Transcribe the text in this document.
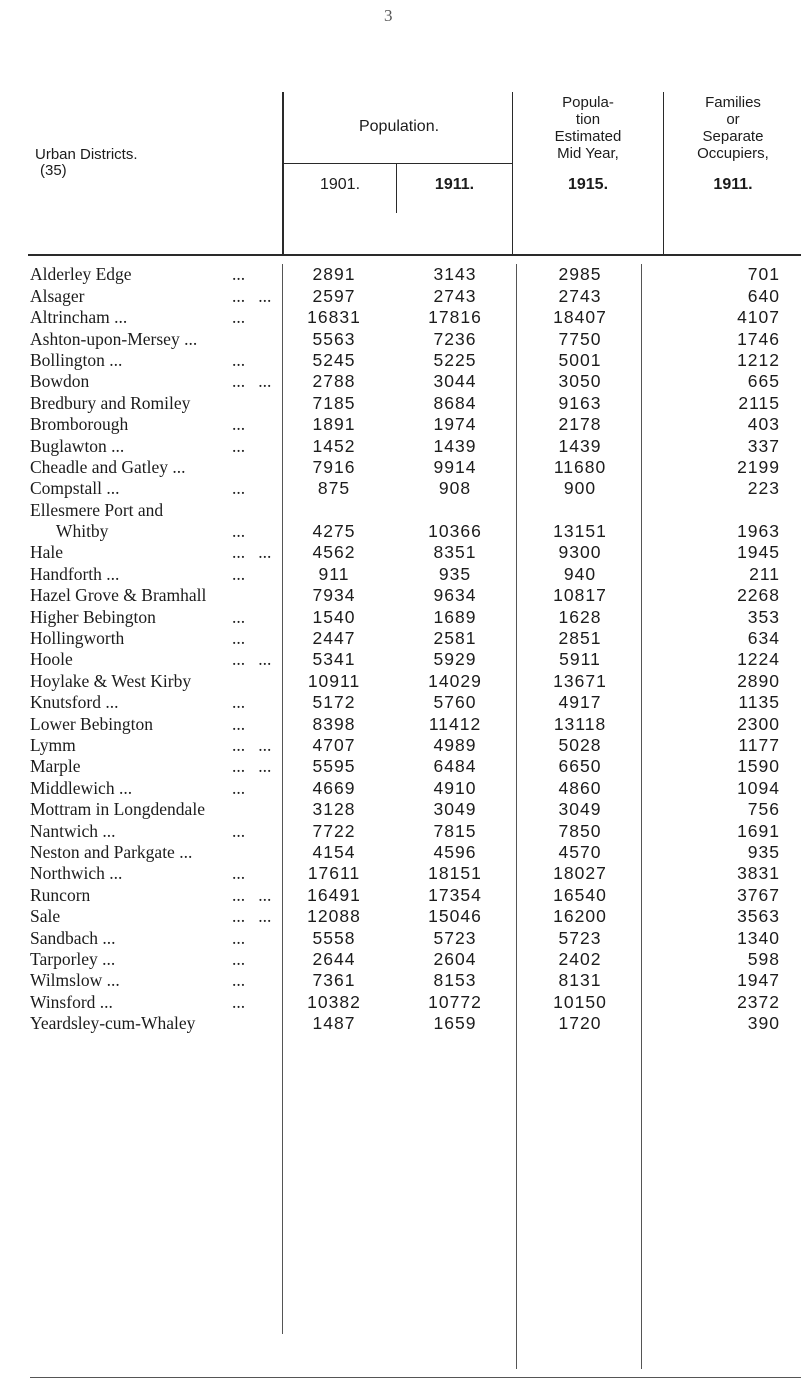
3
Urban Districts.
(35)
Population.
1901.	1911.
Popula-
tion
Estimated
Mid Year,
1915.
Families
or
Separate
Occupiers,
1911.
Alderley Edge	...	2891	3143	2985	701
Alsager	...   ...	2597	2743	2743	640
Altrincham ...	...	16831	17816	18407	4107
Ashton-upon-Mersey ...	5563	7236	7750	1746
Bollington ...	...	5245	5225	5001	1212
Bowdon	...   ...	2788	3044	3050	665
Bredbury and Romiley	7185	8684	9163	2115
Bromborough	...	1891	1974	2178	403
Buglawton ...	...	1452	1439	1439	337
Cheadle and Gatley ...	7916	9914	11680	2199
Compstall ...	...	875	908	900	223
Ellesmere Port and
Whitby	...	4275	10366	13151	1963
Hale	...   ...	4562	8351	9300	1945
Handforth ...	...	911	935	940	211
Hazel Grove & Bramhall	7934	9634	10817	2268
Higher Bebington	...	1540	1689	1628	353
Hollingworth	...	2447	2581	2851	634
Hoole	...   ...	5341	5929	5911	1224
Hoylake & West Kirby	10911	14029	13671	2890
Knutsford ...	...	5172	5760	4917	1135
Lower Bebington	...	8398	11412	13118	2300
Lymm	...   ...	4707	4989	5028	1177
Marple	...   ...	5595	6484	6650	1590
Middlewich ...	...	4669	4910	4860	1094
Mottram in Longdendale	3128	3049	3049	756
Nantwich ...	...	7722	7815	7850	1691
Neston and Parkgate ...	4154	4596	4570	935
Northwich ...	...	17611	18151	18027	3831
Runcorn	...   ...	16491	17354	16540	3767
Sale	...   ...	12088	15046	16200	3563
Sandbach ...	...	5558	5723	5723	1340
Tarporley ...	...	2644	2604	2402	598
Wilmslow ...	...	7361	8153	8131	1947
Winsford ...	...	10382	10772	10150	2372
Yeardsley-cum-Whaley	1487	1659	1720	390
